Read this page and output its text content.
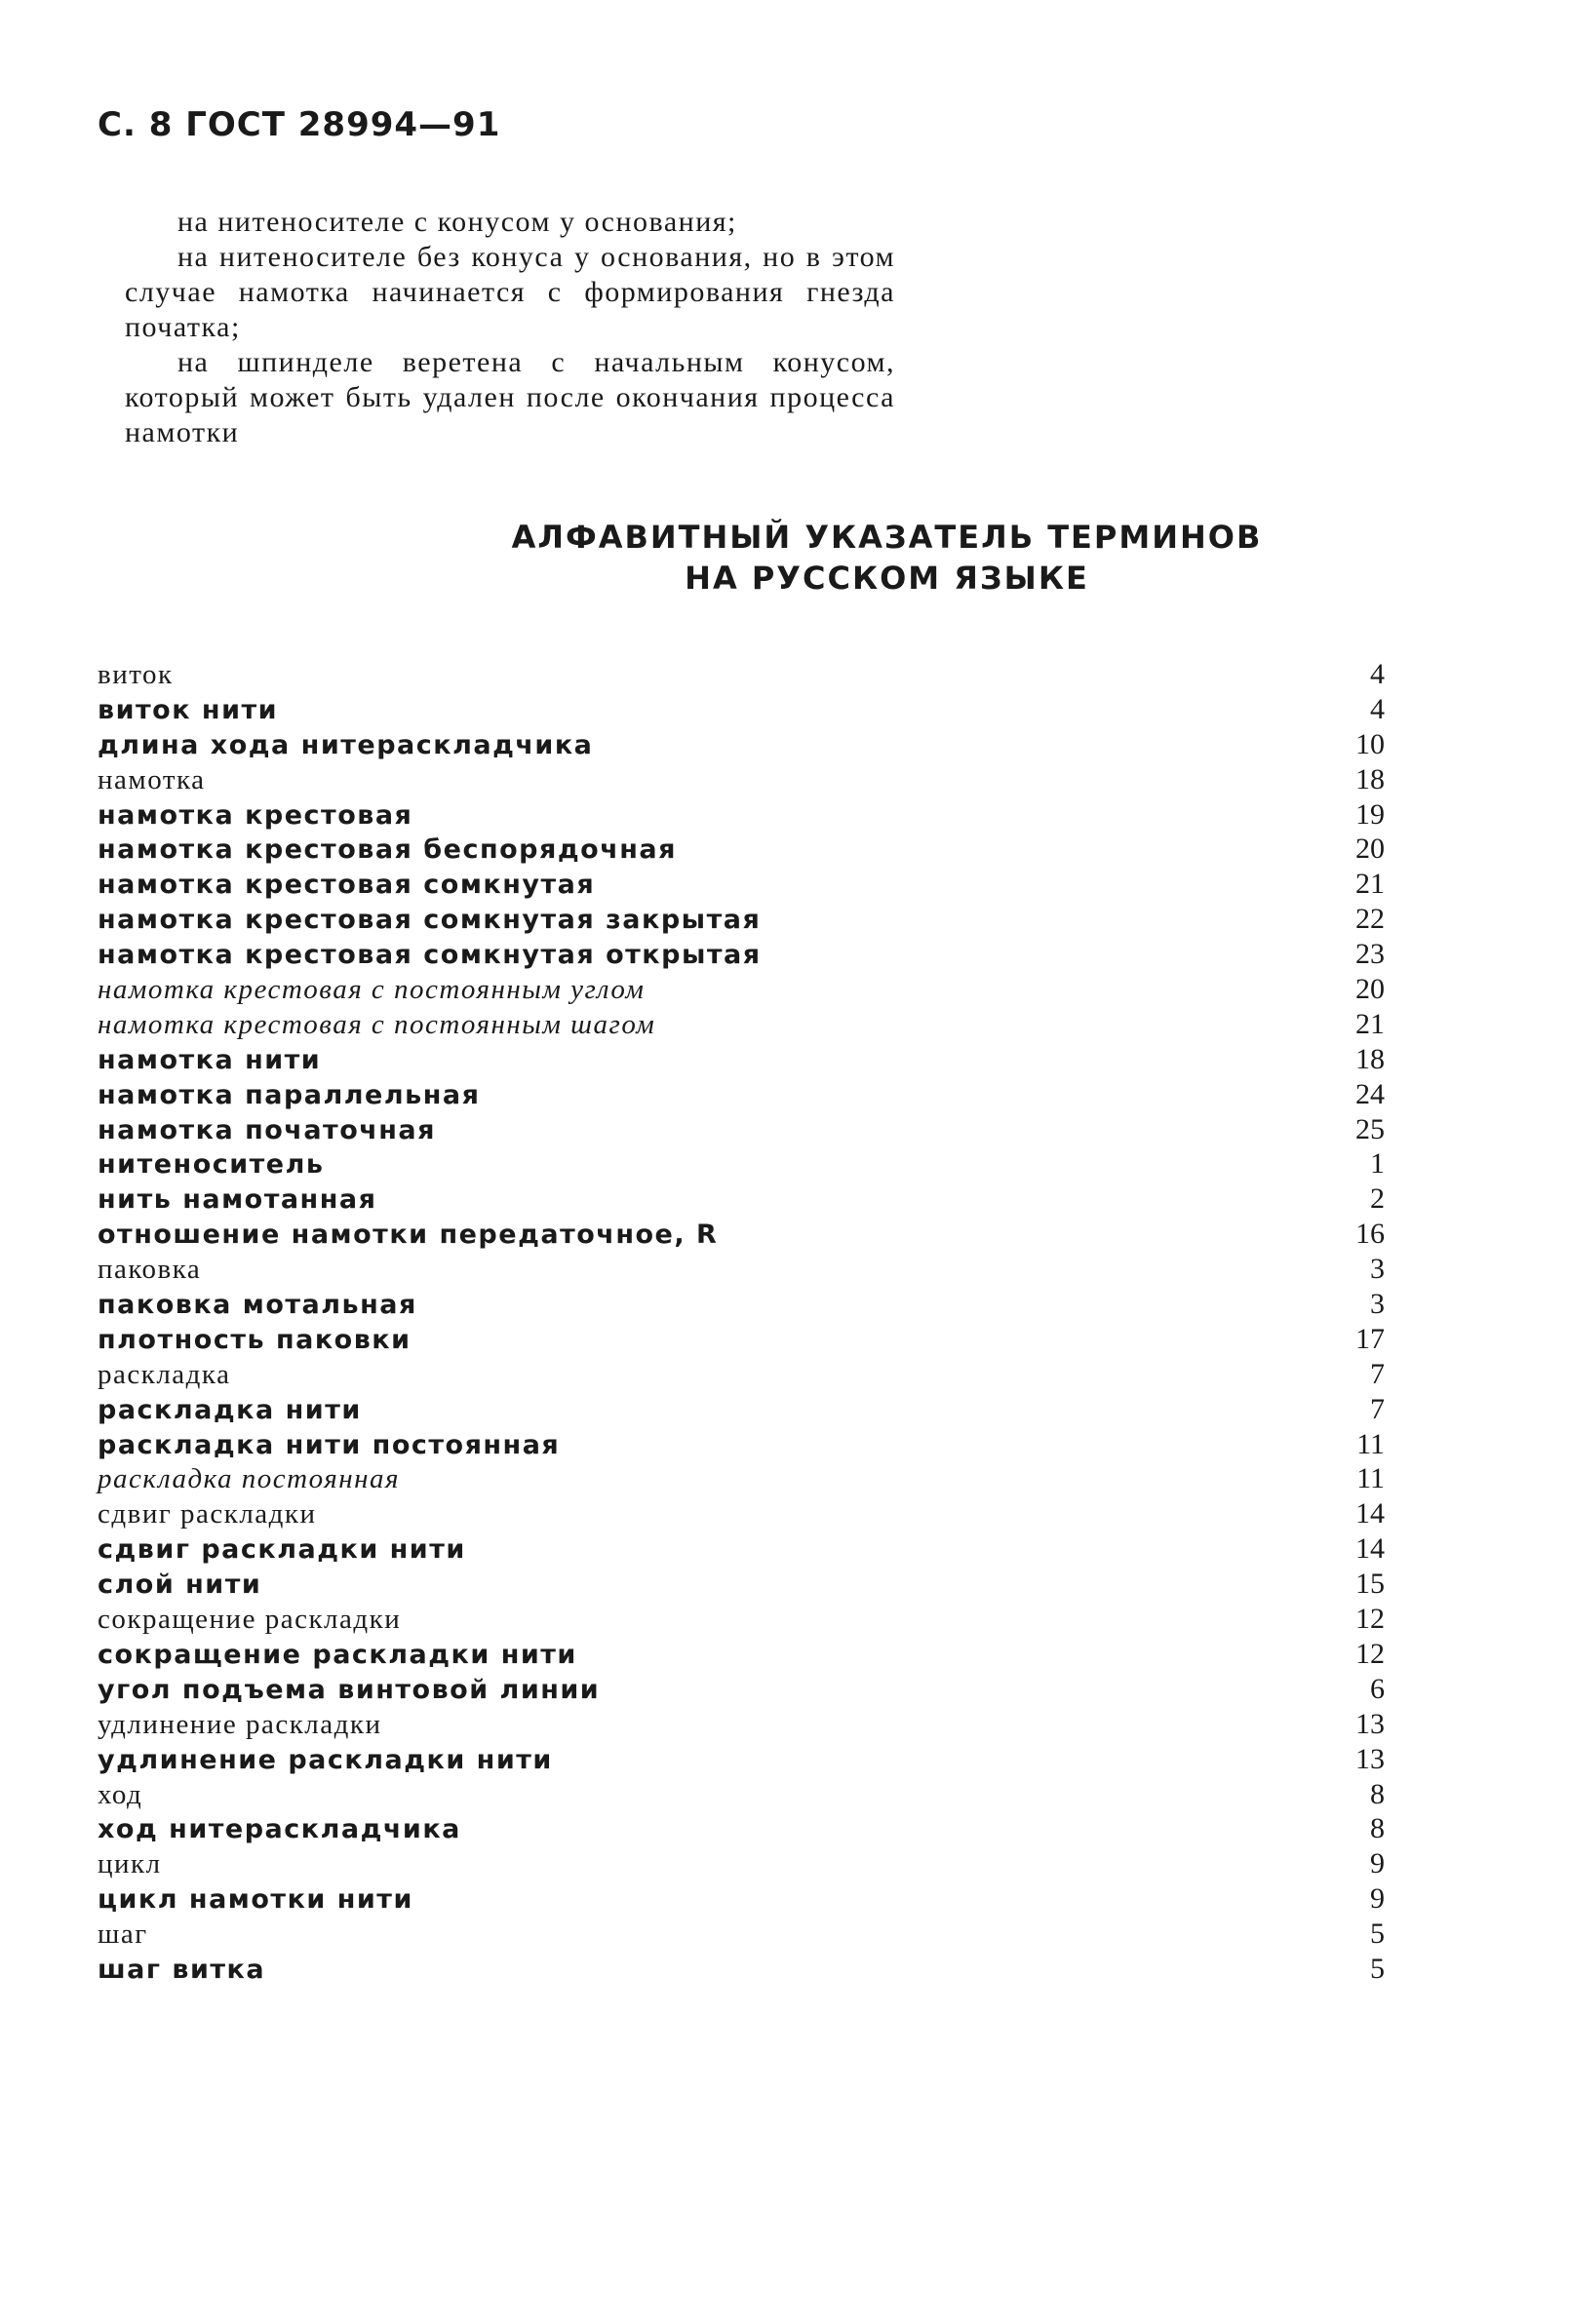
С. 8 ГОСТ 28994—91

на нитеносителе с конусом у основания;

на нитеносителе без конуса у основания, но в этом случае намотка начинается с формирования гнезда початка;

на шпинделе веретена с начальным конусом, который может быть удален после окончания процесса намотки

АЛФАВИТНЫЙ УКАЗАТЕЛЬ ТЕРМИНОВ
НА РУССКОМ ЯЗЫКЕ
виток	4
виток нити	4
длина хода нитераскладчика	10
намотка	18
намотка крестовая	19
намотка крестовая беспорядочная	20
намотка крестовая сомкнутая	21
намотка крестовая сомкнутая закрытая	22
намотка крестовая сомкнутая открытая	23
намотка крестовая с постоянным углом	20
намотка крестовая с постоянным шагом	21
намотка нити	18
намотка параллельная	24
намотка початочная	25
нитеноситель	1
нить намотанная	2
отношение намотки передаточное, R	16
паковка	3
паковка мотальная	3
плотность паковки	17
раскладка	7
раскладка нити	7
раскладка нити постоянная	11
раскладка постоянная	11
сдвиг раскладки	14
сдвиг раскладки нити	14
слой нити	15
сокращение раскладки	12
сокращение раскладки нити	12
угол подъема винтовой линии	6
удлинение раскладки	13
удлинение раскладки нити	13
ход	8
ход нитераскладчика	8
цикл	9
цикл намотки нити	9
шаг	5
шаг витка	5
